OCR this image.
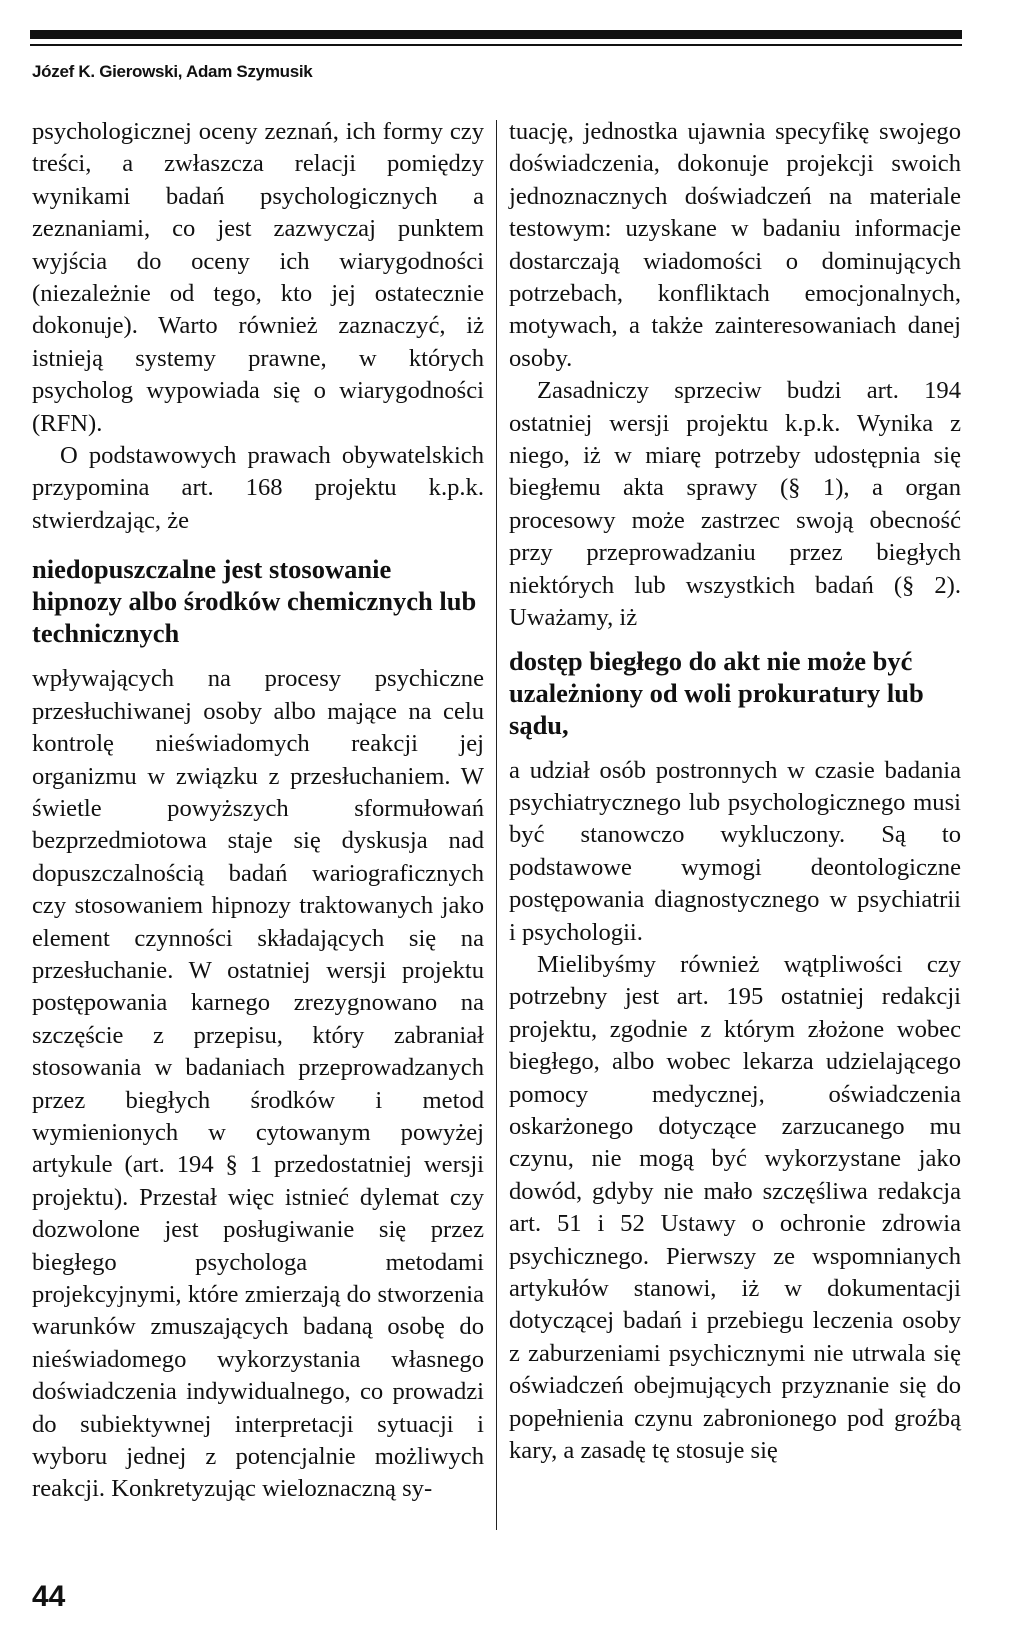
Józef K. Gierowski, Adam Szymusik

psychologicznej oceny zeznań, ich formy czy treści, a zwłaszcza relacji pomiędzy wynikami badań psychologicznych a zeznaniami, co jest zazwyczaj punktem wyjścia do oceny ich wiarygodności (niezależnie od tego, kto jej ostatecznie dokonuje). Warto również zaznaczyć, iż istnieją systemy prawne, w których psycholog wypowiada się o wiarygodności (RFN).

O podstawowych prawach obywatelskich przypomina art. 168 projektu k.p.k. stwierdzając, że

niedopuszczalne jest stosowanie hipnozy albo środków chemicznych lub technicznych

wpływających na procesy psychiczne przesłuchiwanej osoby albo mające na celu kontrolę nieświadomych reakcji jej organizmu w związku z przesłuchaniem. W świetle powyższych sformułowań bezprzedmiotowa staje się dyskusja nad dopuszczalnością badań wariograficznych czy stosowaniem hipnozy traktowanych jako element czynności składających się na przesłuchanie. W ostatniej wersji projektu postępowania karnego zrezygnowano na szczęście z przepisu, który zabraniał stosowania w badaniach przeprowadzanych przez biegłych środków i metod wymienionych w cytowanym powyżej artykule (art. 194 § 1 przedostatniej wersji projektu). Przestał więc istnieć dylemat czy dozwolone jest posługiwanie się przez biegłego psychologa metodami projekcyjnymi, które zmierzają do stworzenia warunków zmuszających badaną osobę do nieświadomego wykorzystania własnego doświadczenia indywidualnego, co prowadzi do subiektywnej interpretacji sytuacji i wyboru jednej z potencjalnie możliwych reakcji. Konkretyzując wieloznaczną sy-

tuację, jednostka ujawnia specyfikę swojego doświadczenia, dokonuje projekcji swoich jednoznacznych doświadczeń na materiale testowym: uzyskane w badaniu informacje dostarczają wiadomości o dominujących potrzebach, konfliktach emocjonalnych, motywach, a także zainteresowaniach danej osoby.

Zasadniczy sprzeciw budzi art. 194 ostatniej wersji projektu k.p.k. Wynika z niego, iż w miarę potrzeby udostępnia się biegłemu akta sprawy (§ 1), a organ procesowy może zastrzec swoją obecność przy przeprowadzaniu przez biegłych niektórych lub wszystkich badań (§ 2). Uważamy, iż

dostęp biegłego do akt nie może być uzależniony od woli prokuratury lub sądu,

a udział osób postronnych w czasie badania psychiatrycznego lub psychologicznego musi być stanowczo wykluczony. Są to podstawowe wymogi deontologiczne postępowania diagnostycznego w psychiatrii i psychologii.

Mielibyśmy również wątpliwości czy potrzebny jest art. 195 ostatniej redakcji projektu, zgodnie z którym złożone wobec biegłego, albo wobec lekarza udzielającego pomocy medycznej, oświadczenia oskarżonego dotyczące zarzucanego mu czynu, nie mogą być wykorzystane jako dowód, gdyby nie mało szczęśliwa redakcja art. 51 i 52 Ustawy o ochronie zdrowia psychicznego. Pierwszy ze wspomnianych artykułów stanowi, iż w dokumentacji dotyczącej badań i przebiegu leczenia osoby z zaburzeniami psychicznymi nie utrwala się oświadczeń obejmujących przyznanie się do popełnienia czynu zabronionego pod groźbą kary, a zasadę tę stosuje się

44
